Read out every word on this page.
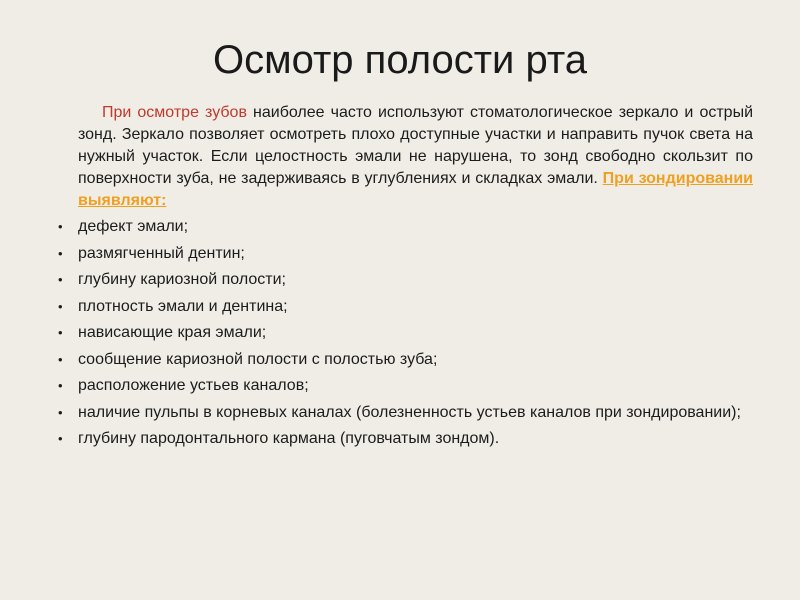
Осмотр полости рта

При осмотре зубов наиболее часто используют стоматологическое зеркало и острый зонд. Зеркало позволяет осмотреть плохо доступные участки и направить пучок света на нужный участок. Если целостность эмали не нарушена, то зонд свободно скользит по поверхности зуба, не задерживаясь в углублениях и складках эмали. При зондировании выявляют:

• дефект эмали;
• размягченный дентин;
• глубину кариозной полости;
• плотность эмали и дентина;
• нависающие края эмали;
• сообщение кариозной полости с полостью зуба;
• расположение устьев каналов;
• наличие пульпы в корневых каналах (болезненность устьев каналов при зондировании);
• глубину пародонтального кармана (пуговчатым зондом).
